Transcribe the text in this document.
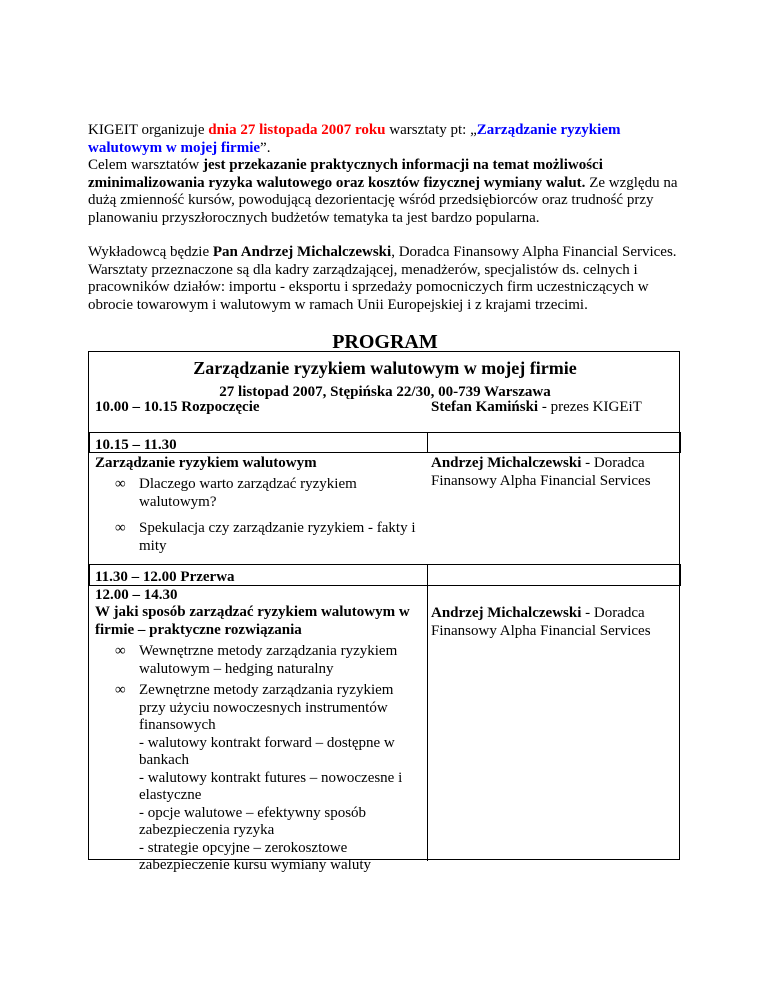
KIGEIT organizuje dnia 27 listopada 2007 roku warsztaty pt: „Zarządzanie ryzykiem walutowym w mojej firmie”.

Celem warsztatów jest przekazanie praktycznych informacji na temat możliwości zminimalizowania ryzyka walutowego oraz kosztów fizycznej wymiany walut. Ze względu na dużą zmienność kursów, powodującą dezorientację wśród przedsiębiorców oraz trudność przy planowaniu przyszłorocznych budżetów tematyka ta jest bardzo popularna.

Wykładowcą będzie Pan Andrzej Michalczewski, Doradca Finansowy Alpha Financial Services.

Warsztaty przeznaczone są dla kadry zarządzającej, menadżerów, specjalistów ds. celnych i pracowników działów: importu - eksportu i sprzedaży pomocniczych firm uczestniczących w obrocie towarowym i walutowym w ramach Unii Europejskiej i z krajami trzecimi.

PROGRAM
Zarządzanie ryzykiem walutowym w mojej firmie
27 listopad 2007, Stępińska 22/30, 00-739 Warszawa
10.00 – 10.15 Rozpoczęcie	Stefan Kamiński - prezes KIGEiT
10.15 – 11.30
Zarządzanie ryzykiem walutowym
∞ Dlaczego warto zarządzać ryzykiem walutowym?
∞ Spekulacja czy zarządzanie ryzykiem - fakty i mity
Andrzej Michalczewski - Doradca Finansowy Alpha Financial Services
11.30 – 12.00 Przerwa
12.00 – 14.30
W jaki sposób zarządzać ryzykiem walutowym w firmie – praktyczne rozwiązania
∞ Wewnętrzne metody zarządzania ryzykiem walutowym – hedging naturalny
∞ Zewnętrzne metody zarządzania ryzykiem przy użyciu nowoczesnych instrumentów finansowych
- walutowy kontrakt forward – dostępne w bankach
- walutowy kontrakt futures – nowoczesne i elastyczne
- opcje walutowe – efektywny sposób zabezpieczenia ryzyka
- strategie opcyjne – zerokosztowe zabezpieczenie kursu wymiany waluty
Andrzej Michalczewski - Doradca Finansowy Alpha Financial Services
